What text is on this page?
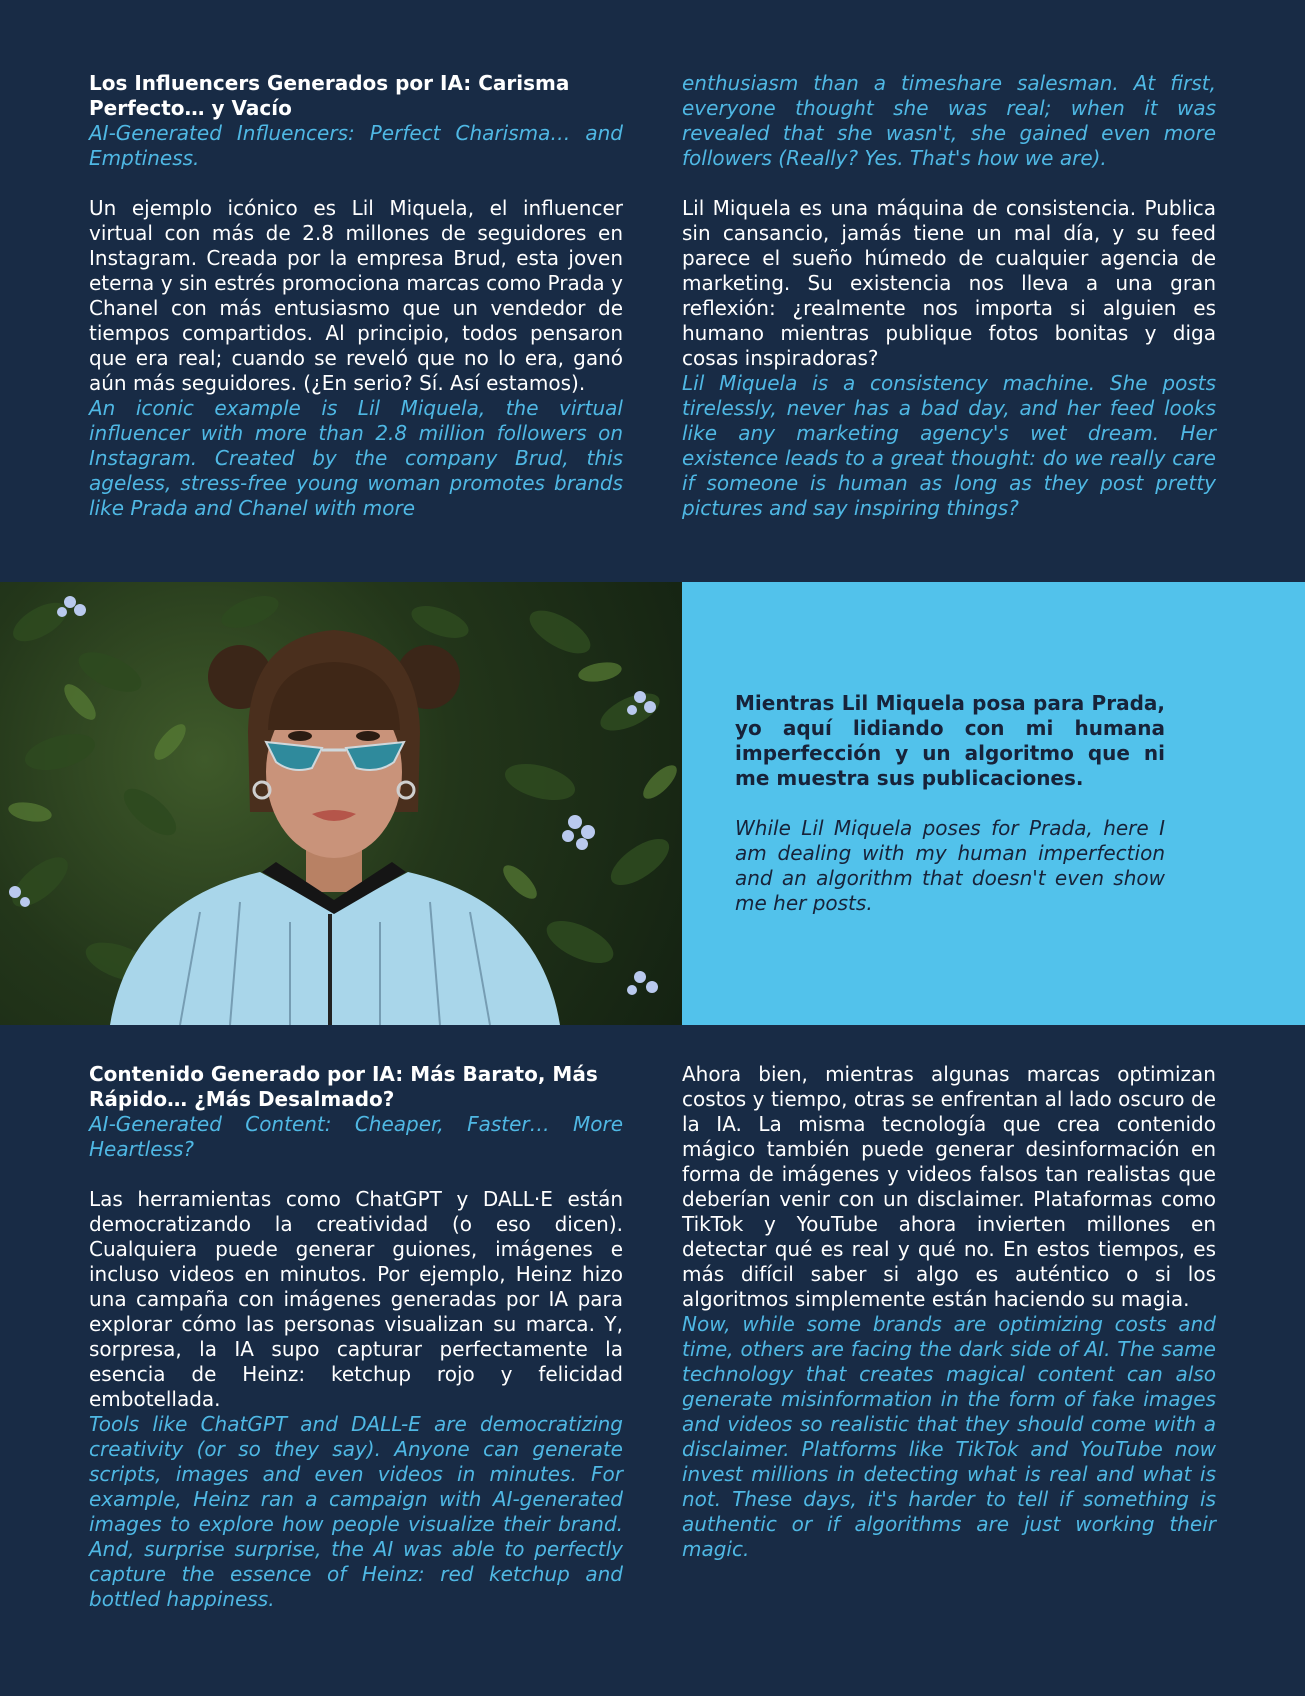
Los Influencers Generados por IA: Carisma Perfecto… y Vacío

AI-Generated Influencers: Perfect Charisma… and Emptiness.

Un ejemplo icónico es Lil Miquela, el influencer virtual con más de 2.8 millones de seguidores en Instagram. Creada por la empresa Brud, esta joven eterna y sin estrés promociona marcas como Prada y Chanel con más entusiasmo que un vendedor de tiempos compartidos. Al principio, todos pensaron que era real; cuando se reveló que no lo era, ganó aún más seguidores. (¿En serio? Sí. Así estamos).

An iconic example is Lil Miquela, the virtual influencer with more than 2.8 million followers on Instagram. Created by the company Brud, this ageless, stress-free young woman promotes brands like Prada and Chanel with more

enthusiasm than a timeshare salesman. At first, everyone thought she was real; when it was revealed that she wasn't, she gained even more followers (Really? Yes. That's how we are).

Lil Miquela es una máquina de consistencia. Publica sin cansancio, jamás tiene un mal día, y su feed parece el sueño húmedo de cualquier agencia de marketing. Su existencia nos lleva a una gran reflexión: ¿realmente nos importa si alguien es humano mientras publique fotos bonitas y diga cosas inspiradoras?

Lil Miquela is a consistency machine. She posts tirelessly, never has a bad day, and her feed looks like any marketing agency's wet dream. Her existence leads to a great thought: do we really care if someone is human as long as they post pretty pictures and say inspiring things?

Mientras Lil Miquela posa para Prada, yo aquí lidiando con mi humana imperfección y un algoritmo que ni me muestra sus publicaciones.

While Lil Miquela poses for Prada, here I am dealing with my human imperfection and an algorithm that doesn't even show me her posts.

Contenido Generado por IA: Más Barato, Más Rápido… ¿Más Desalmado?

AI-Generated Content: Cheaper, Faster… More Heartless?

Las herramientas como ChatGPT y DALL·E están democratizando la creatividad (o eso dicen). Cualquiera puede generar guiones, imágenes e incluso videos en minutos. Por ejemplo, Heinz hizo una campaña con imágenes generadas por IA para explorar cómo las personas visualizan su marca. Y, sorpresa, la IA supo capturar perfectamente la esencia de Heinz: ketchup rojo y felicidad embotellada.

Tools like ChatGPT and DALL-E are democratizing creativity (or so they say). Anyone can generate scripts, images and even videos in minutes. For example, Heinz ran a campaign with AI-generated images to explore how people visualize their brand. And, surprise surprise, the AI was able to perfectly capture the essence of Heinz: red ketchup and bottled happiness.

Ahora bien, mientras algunas marcas optimizan costos y tiempo, otras se enfrentan al lado oscuro de la IA. La misma tecnología que crea contenido mágico también puede generar desinformación en forma de imágenes y videos falsos tan realistas que deberían venir con un disclaimer. Plataformas como TikTok y YouTube ahora invierten millones en detectar qué es real y qué no. En estos tiempos, es más difícil saber si algo es auténtico o si los algoritmos simplemente están haciendo su magia.

Now, while some brands are optimizing costs and time, others are facing the dark side of AI. The same technology that creates magical content can also generate misinformation in the form of fake images and videos so realistic that they should come with a disclaimer. Platforms like TikTok and YouTube now invest millions in detecting what is real and what is not. These days, it's harder to tell if something is authentic or if algorithms are just working their magic.
